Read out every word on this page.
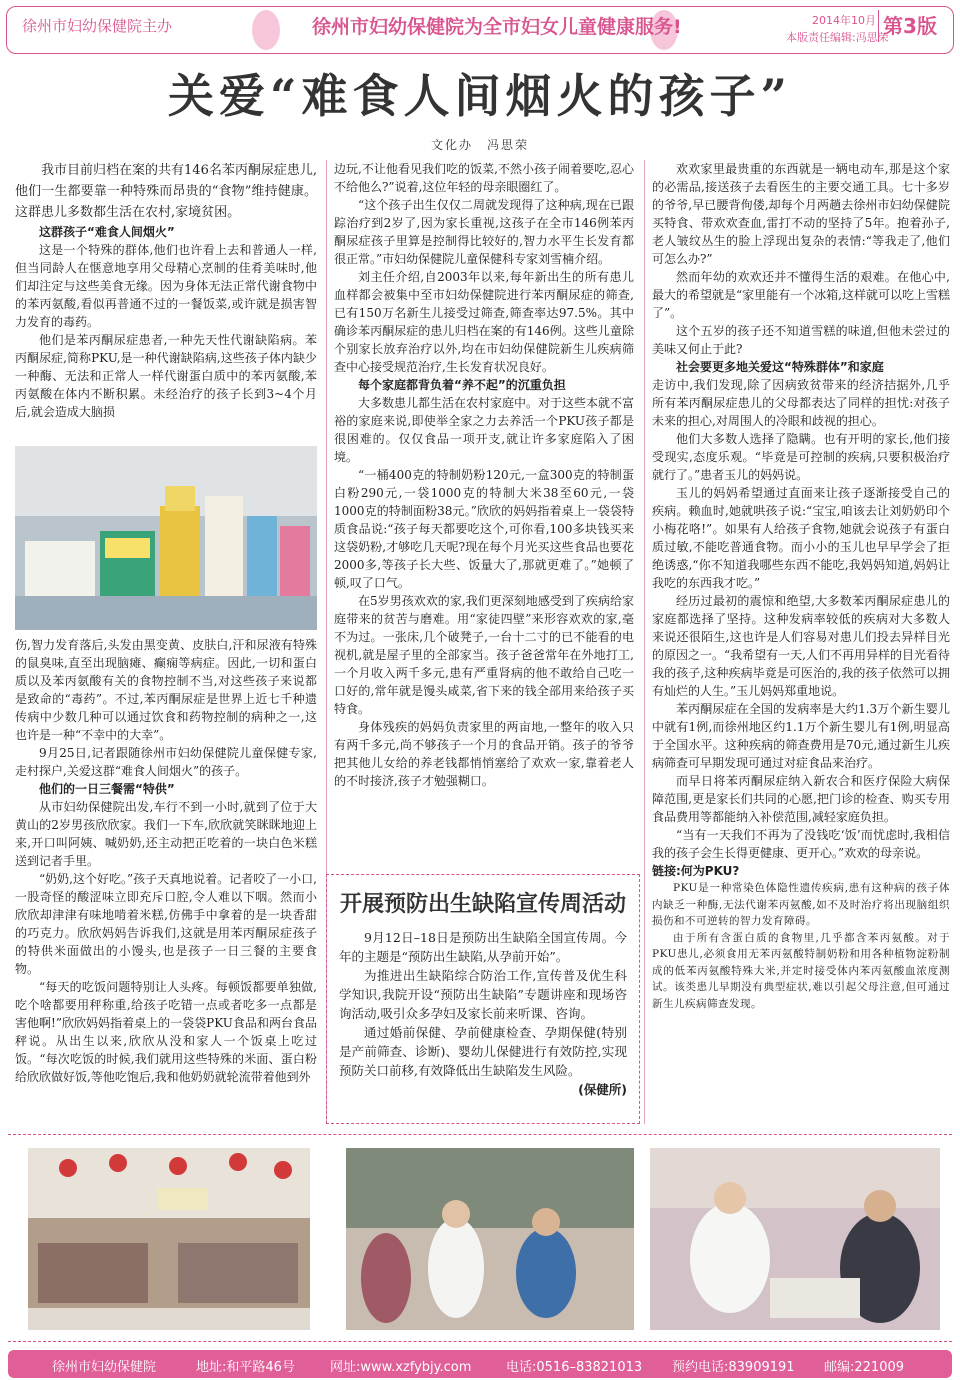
徐州市妇幼保健院主办	徐州市妇幼保健院为全市妇女儿童健康服务!	2014年10月
本版责任编辑:冯思荣
第3版
关爱“难食人间烟火的孩子”
文化办　冯思荣

我市目前归档在案的共有146名苯丙酮尿症患儿,他们一生都要靠一种特殊而昂贵的“食物”维持健康。这群患儿多数都生活在农村,家境贫困。

这群孩子“难食人间烟火”

这是一个特殊的群体,他们也许看上去和普通人一样,但当同龄人在惬意地享用父母精心烹制的佳肴美味时,他们却注定与这些美食无缘。因为身体无法正常代谢食物中的苯丙氨酸,看似再普通不过的一餐饭菜,或许就是损害智力发育的毒药。

他们是苯丙酮尿症患者,一种先天性代谢缺陷病。苯丙酮尿症,简称PKU,是一种代谢缺陷病,这些孩子体内缺少一种酶、无法和正常人一样代谢蛋白质中的苯丙氨酸,苯丙氨酸在体内不断积累。未经治疗的孩子长到3~4个月后,就会造成大脑损

伤,智力发育落后,头发由黑变黄、皮肤白,汗和尿液有特殊的鼠臭味,直至出现脑瘫、癫痫等病症。因此,一切和蛋白质以及苯丙氨酸有关的食物控制不当,对这些孩子来说都是致命的“毒药”。不过,苯丙酮尿症是世界上近七千种遗传病中少数几种可以通过饮食和药物控制的病种之一,这也许是一种“不幸中的大幸”。

9月25日,记者跟随徐州市妇幼保健院儿童保健专家,走村探户,关爱这群“难食人间烟火”的孩子。

他们的一日三餐需“特供”

从市妇幼保健院出发,车行不到一小时,就到了位于大黄山的2岁男孩欣欣家。我们一下车,欣欣就笑眯眯地迎上来,开口叫阿姨、喊奶奶,还主动把正吃着的一块白色米糕送到记者手里。

“奶奶,这个好吃。”孩子天真地说着。记者咬了一小口,一股奇怪的酸涩味立即充斥口腔,令人难以下咽。然而小欣欣却津津有味地啃着米糕,仿佛手中拿着的是一块香甜的巧克力。欣欣妈妈告诉我们,这就是用苯丙酮尿症孩子的特供米面做出的小馒头,也是孩子一日三餐的主要食物。

“每天的吃饭问题特别让人头疼。每顿饭都要单独做,吃个啥都要用秤称重,给孩子吃错一点或者吃多一点都是害他啊!”欣欣妈妈指着桌上的一袋袋PKU食品和两台食品秤说。从出生以来,欣欣从没和家人一个饭桌上吃过饭。“每次吃饭的时候,我们就用这些特殊的米面、蛋白粉给欣欣做好饭,等他吃饱后,我和他奶奶就轮流带着他到外

边玩,不让他看见我们吃的饭菜,不然小孩子闹着要吃,忍心不给他么?”说着,这位年轻的母亲眼圈红了。

“这个孩子出生仅仅二周就发现得了这种病,现在已跟踪治疗到2岁了,因为家长重视,这孩子在全市146例苯丙酮尿症孩子里算是控制得比较好的,智力水平生长发育都很正常。”市妇幼保健院儿童保健科专家刘雪楠介绍。

刘主任介绍,自2003年以来,每年新出生的所有患儿血样都会被集中至市妇幼保健院进行苯丙酮尿症的筛查,已有150万名新生儿接受过筛查,筛查率达97.5%。其中确诊苯丙酮尿症的患儿归档在案的有146例。这些儿童除个别家长放弃治疗以外,均在市妇幼保健院新生儿疾病筛查中心接受规范治疗,生长发育状况良好。

每个家庭都背负着“养不起”的沉重负担

大多数患儿都生活在农村家庭中。对于这些本就不富裕的家庭来说,即使举全家之力去养活一个PKU孩子都是很困难的。仅仅食品一项开支,就让许多家庭陷入了困境。

“一桶400克的特制奶粉120元,一盒300克的特制蛋白粉290元,一袋1000克的特制大米38至60元,一袋1000克的特制面粉38元。”欣欣的妈妈指着桌上一袋袋特质食品说:“孩子每天都要吃这个,可你看,100多块钱买来这袋奶粉,才够吃几天呢?现在每个月光买这些食品也要花2000多,等孩子长大些、饭量大了,那就更难了。”她顿了顿,叹了口气。

在5岁男孩欢欢的家,我们更深刻地感受到了疾病给家庭带来的贫苦与磨难。用“家徒四壁”来形容欢欢的家,毫不为过。一张床,几个破凳子,一台十二寸的已不能看的电视机,就是屋子里的全部家当。孩子爸爸常年在外地打工,一个月收入两千多元,患有严重肾病的他不敢给自己吃一口好的,常年就是馒头咸菜,省下来的钱全部用来给孩子买特食。

身体残疾的妈妈负责家里的两亩地,一整年的收入只有两千多元,尚不够孩子一个月的食品开销。孩子的爷爷把其他儿女给的养老钱都悄悄塞给了欢欢一家,靠着老人的不时接济,孩子才勉强糊口。

开展预防出生缺陷宣传周活动

9月12日–18日是预防出生缺陷全国宣传周。今年的主题是“预防出生缺陷,从孕前开始”。

为推进出生缺陷综合防治工作,宣传普及优生科学知识,我院开设“预防出生缺陷”专题讲座和现场咨询活动,吸引众多孕妇及家长前来听课、咨询。

通过婚前保健、孕前健康检查、孕期保健(特别是产前筛查、诊断)、婴幼儿保健进行有效防控,实现预防关口前移,有效降低出生缺陷发生风险。

(保健所)

欢欢家里最贵重的东西就是一辆电动车,那是这个家的必需品,接送孩子去看医生的主要交通工具。七十多岁的爷爷,早已腰背佝偻,却每个月两趟去徐州市妇幼保健院买特食、带欢欢查血,雷打不动的坚持了5年。抱着孙子,老人皱纹丛生的脸上浮现出复杂的表情:“等我走了,他们可怎么办?”

然而年幼的欢欢还并不懂得生活的艰难。在他心中,最大的希望就是“家里能有一个冰箱,这样就可以吃上雪糕了”。

这个五岁的孩子还不知道雪糕的味道,但他未尝过的美味又何止于此?

社会要更多地关爱这“特殊群体”和家庭

走访中,我们发现,除了因病致贫带来的经济拮据外,几乎所有苯丙酮尿症患儿的父母都表达了同样的担忧:对孩子未来的担心,对周围人的冷眼和歧视的担心。

他们大多数人选择了隐瞒。也有开明的家长,他们接受现实,态度乐观。“毕竟是可控制的疾病,只要积极治疗就行了。”患者玉儿的妈妈说。

玉儿的妈妈希望通过直面来让孩子逐渐接受自己的疾病。赖血时,她就哄孩子说:“宝宝,咱该去让刘奶奶印个小梅花咯!”。如果有人给孩子食物,她就会说孩子有蛋白质过敏,不能吃普通食物。而小小的玉儿也早早学会了拒绝诱惑,“你不知道我哪些东西不能吃,我妈妈知道,妈妈让我吃的东西我才吃。”

经历过最初的震惊和绝望,大多数苯丙酮尿症患儿的家庭都选择了坚持。这种发病率较低的疾病对大多数人来说还很陌生,这也许是人们容易对患儿们投去异样目光的原因之一。“我希望有一天,人们不再用异样的目光看待我的孩子,这种疾病毕竟是可医治的,我的孩子依然可以拥有灿烂的人生。”玉儿妈妈郑重地说。

苯丙酮尿症在全国的发病率是大约1.3万个新生婴儿中就有1例,而徐州地区约1.1万个新生婴儿有1例,明显高于全国水平。这种疾病的筛查费用是70元,通过新生儿疾病筛查可早期发现可通过对症食品来治疗。

而早日将苯丙酮尿症纳入新农合和医疗保险大病保障范围,更是家长们共同的心愿,把门诊的检查、购买专用食品费用等都能纳入补偿范围,减轻家庭负担。

“当有一天我们不再为了没钱吃‘饭’而忧虑时,我相信我的孩子会生长得更健康、更开心。”欢欢的母亲说。

链接:何为PKU?

PKU是一种常染色体隐性遗传疾病,患有这种病的孩子体内缺乏一种酶,无法代谢苯丙氨酸,如不及时治疗将出现脑组织损伤和不可逆转的智力发育障碍。

由于所有含蛋白质的食物里,几乎都含苯丙氨酸。对于PKU患儿,必须食用无苯丙氨酸特制奶粉和用各种植物淀粉制成的低苯丙氨酸特殊大米,并定时接受体内苯丙氨酸血浓度测试。该类患儿早期没有典型症状,难以引起父母注意,但可通过新生儿疾病筛查发现。

徐州市妇幼保健院	地址:和平路46号	网址:www.xzfybjy.com	电话:0516–83821013 预约电话:83909191 邮编:221009
